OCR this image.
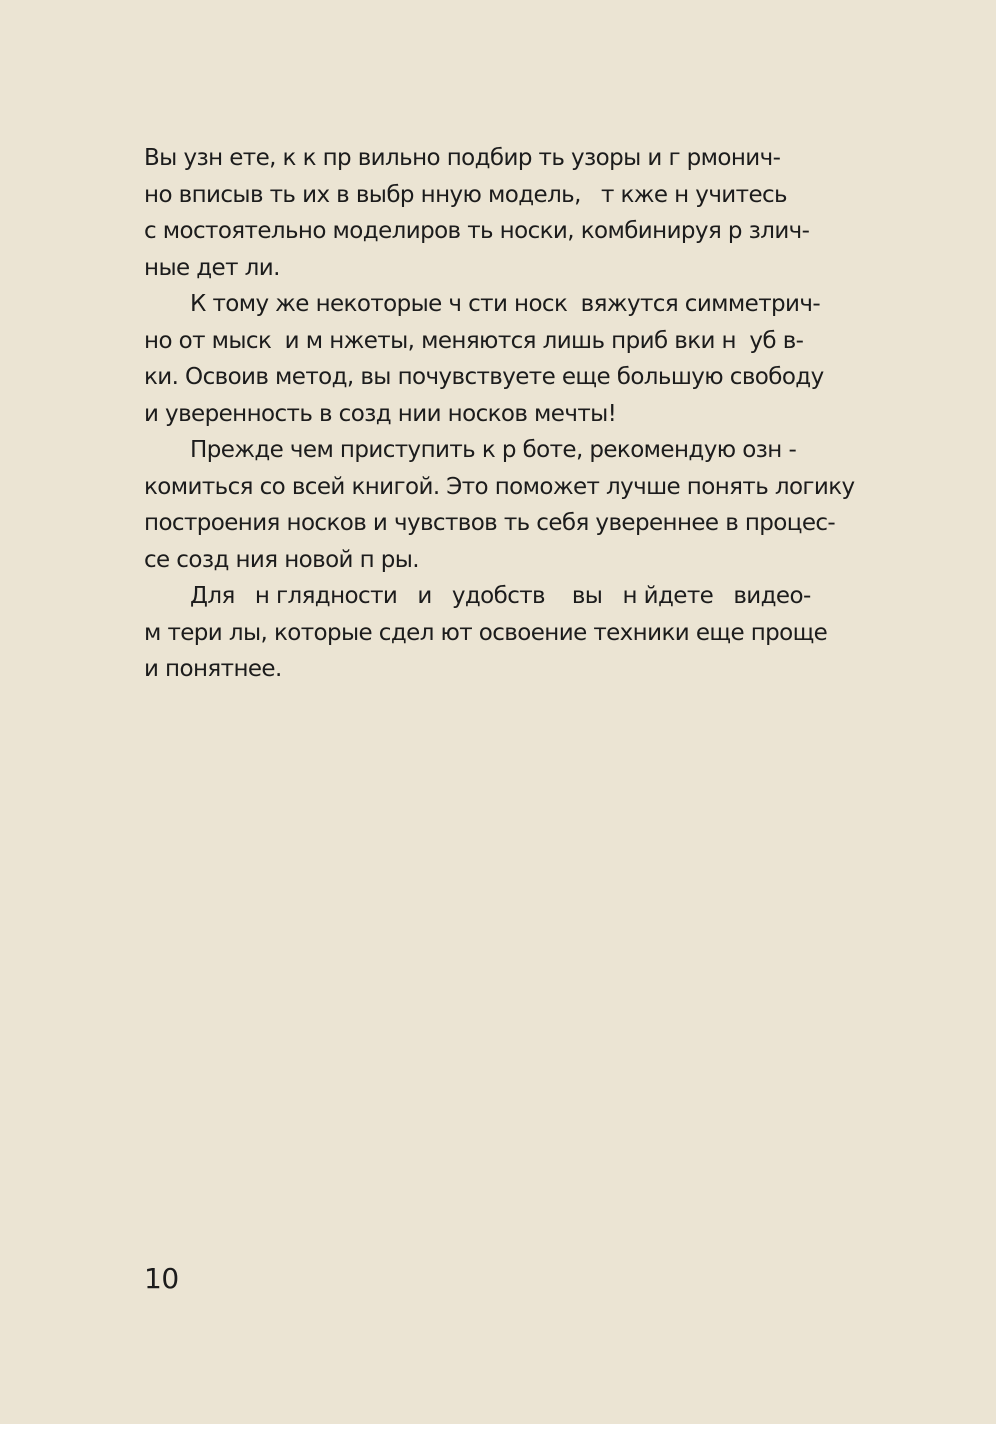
Вы узн ете, к к пр вильно подбир ть узоры и г рмонич-
но вписыв ть их в выбр нную модель,   т кже н учитесь
с мостоятельно моделиров ть носки, комбинируя р злич-
ные дет ли.
К тому же некоторые ч сти носк  вяжутся симметрич-
но от мыск  и м нжеты, меняются лишь приб вки н  уб в-
ки. Освоив метод, вы почувствуете еще большую свободу
и уверенность в созд нии носков мечты!
Прежде чем приступить к р боте, рекомендую озн -
комиться со всей книгой. Это поможет лучше понять логику
построения носков и чувствов ть себя увереннее в процес-
се созд ния новой п ры.
Для   н глядности   и   удобств    вы   н йдете   видео-
м тери лы, которые сдел ют освоение техники еще проще
и понятнее.
10
